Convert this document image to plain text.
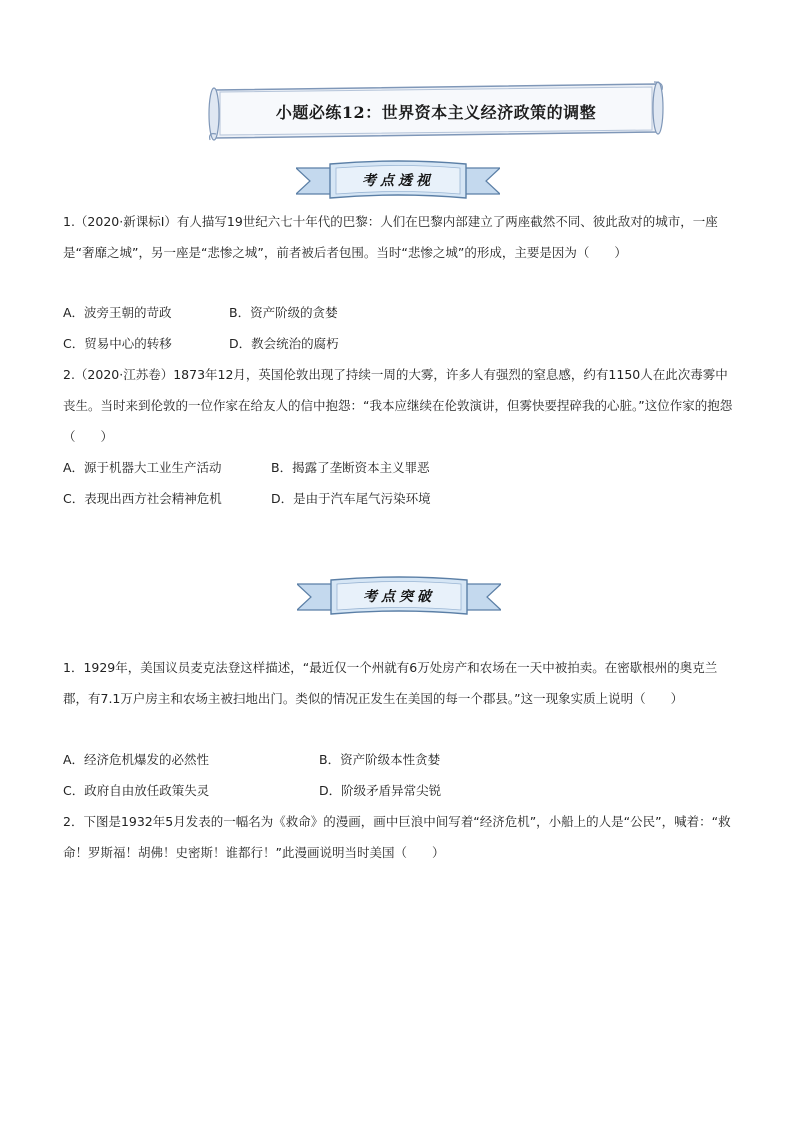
小题必练12：世界资本主义经济政策的调整
考点透视

1.（2020·新课标Ⅰ）有人描写19世纪六七十年代的巴黎：人们在巴黎内部建立了两座截然不同、彼此敌对的城市，一座是“奢靡之城”，另一座是“悲惨之城”，前者被后者包围。当时“悲惨之城”的形成，主要是因为（　　）

A．波旁王朝的苛政	B．资产阶级的贪婪
C．贸易中心的转移	D．教会统治的腐朽

2.（2020·江苏卷）1873年12月，英国伦敦出现了持续一周的大雾，许多人有强烈的窒息感，约有1150人在此次毒雾中丧生。当时来到伦敦的一位作家在给友人的信中抱怨：“我本应继续在伦敦演讲，但雾快要捏碎我的心脏。”这位作家的抱怨（　　）

A．源于机器大工业生产活动	B．揭露了垄断资本主义罪恶
C．表现出西方社会精神危机	D．是由于汽车尾气污染环境
考点突破

1．1929年，美国议员麦克法登这样描述，“最近仅一个州就有6万处房产和农场在一天中被拍卖。在密歇根州的奥克兰郡，有7.1万户房主和农场主被扫地出门。类似的情况正发生在美国的每一个郡县。”这一现象实质上说明（　　）

A．经济危机爆发的必然性	B．资产阶级本性贪婪
C．政府自由放任政策失灵	D．阶级矛盾异常尖锐

2．下图是1932年5月发表的一幅名为《救命》的漫画，画中巨浪中间写着“经济危机”，小船上的人是“公民”，喊着：“救命！罗斯福！胡佛！史密斯！谁都行！”此漫画说明当时美国（　　）
